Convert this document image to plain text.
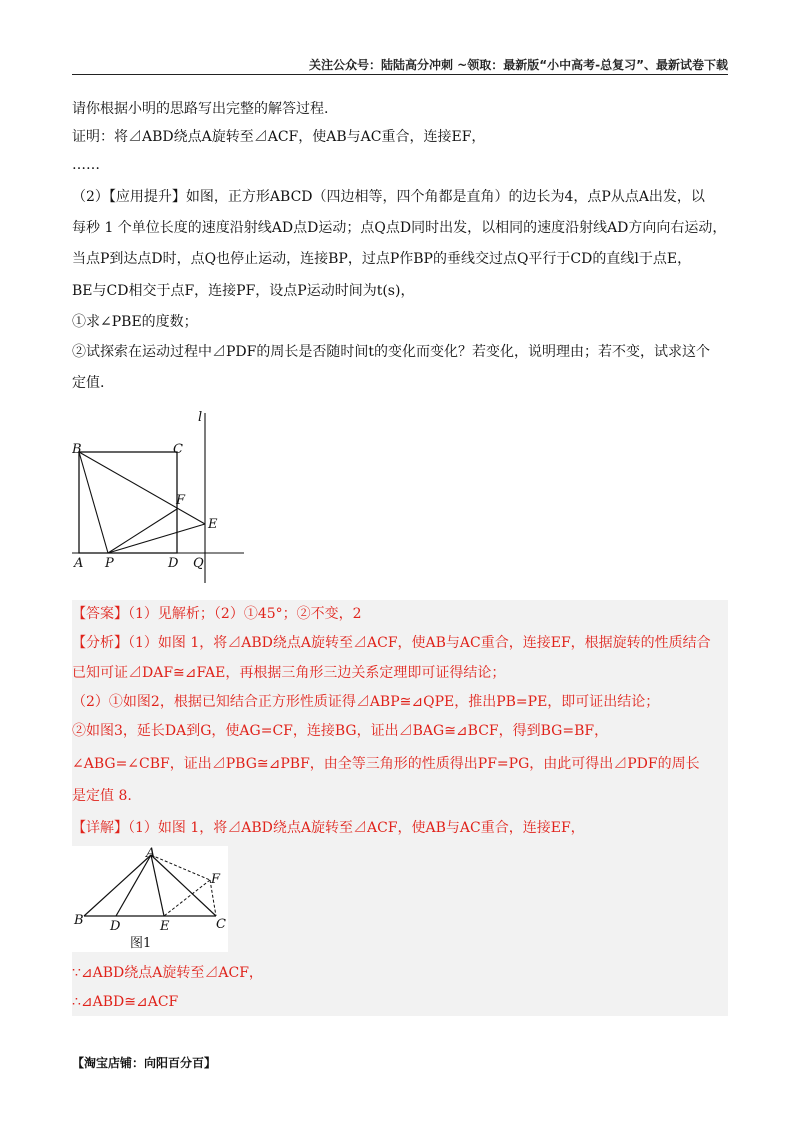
关注公众号：陆陆高分冲刺 ~领取：最新版“小中高考-总复习”、最新试卷下载
请你根据小明的思路写出完整的解答过程.
证明：将⊿ABD绕点A旋转至⊿ACF，使AB与AC重合，连接EF，
……
（2）【应用提升】如图，正方形ABCD（四边相等，四个角都是直角）的边长为4，点P从点A出发，以
每秒 1 个单位长度的速度沿射线AD点D运动；点Q点D同时出发，以相同的速度沿射线AD方向向右运动，
当点P到达点D时，点Q也停止运动，连接BP，过点P作BP的垂线交过点Q平行于CD的直线l于点E，
BE与CD相交于点F，连接PF，设点P运动时间为t(s)，
①求∠PBE的度数；
②试探索在运动过程中⊿PDF的周长是否随时间t的变化而变化？若变化，说明理由；若不变，试求这个
定值.
B	C
l
F
E
A P	D Q
【答案】（1）见解析；（2）①45°；②不变，2
【分析】（1）如图 1，将⊿ABD绕点A旋转至⊿ACF，使AB与AC重合，连接EF，根据旋转的性质结合
已知可证⊿DAF≅⊿FAE，再根据三角形三边关系定理即可证得结论；
（2）①如图2，根据已知结合正方形性质证得⊿ABP≅⊿QPE，推出PB=PE，即可证出结论；
②如图3，延长DA到G，使AG=CF，连接BG，证出⊿BAG≅⊿BCF，得到BG=BF，
∠ABG=∠CBF，证出⊿PBG≅⊿PBF，由全等三角形的性质得出PF=PG，由此可得出⊿PDF的周长
是定值 8.
【详解】（1）如图 1，将⊿ABD绕点A旋转至⊿ACF，使AB与AC重合，连接EF，
A
F
B D	E	C
图1
∵⊿ABD绕点A旋转至⊿ACF，
∴⊿ABD≅⊿ACF
【淘宝店铺：向阳百分百】
